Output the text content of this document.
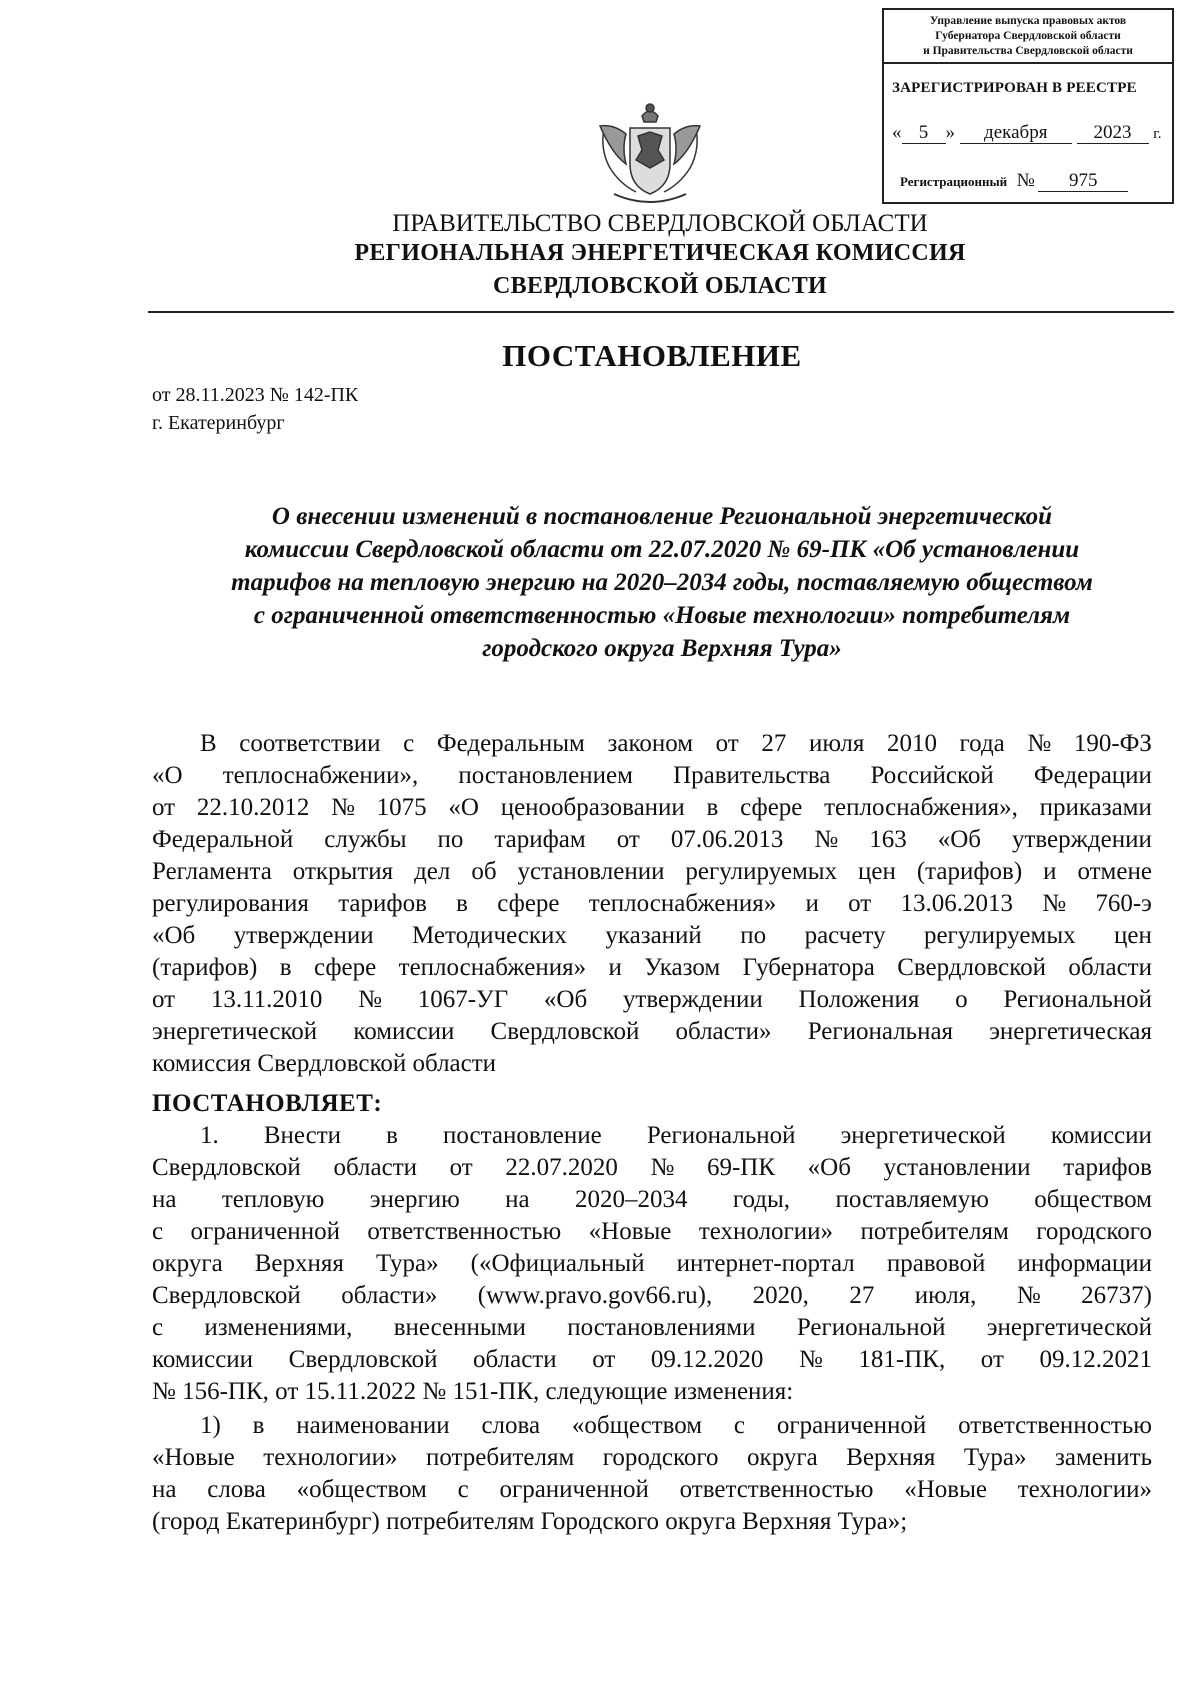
Управление выпуска правовых актов
Губернатора Свердловской области
и Правительства Свердловской области
ЗАРЕГИСТРИРОВАН В РЕЕСТРЕ
« 5 » декабря 2023 г.
Регистрационный № 975
ПРАВИТЕЛЬСТВО СВЕРДЛОВСКОЙ ОБЛАСТИ
РЕГИОНАЛЬНАЯ ЭНЕРГЕТИЧЕСКАЯ КОМИССИЯ
СВЕРДЛОВСКОЙ ОБЛАСТИ
ПОСТАНОВЛЕНИЕ
от 28.11.2023 № 142-ПК
г. Екатеринбург
О внесении изменений в постановление Региональной энергетической
комиссии Свердловской области от 22.07.2020 № 69-ПК «Об установлении
тарифов на тепловую энергию на 2020–2034 годы, поставляемую обществом
с ограниченной ответственностью «Новые технологии» потребителям
городского округа Верхняя Тура»
В соответствии с Федеральным законом от 27 июля 2010 года № 190-ФЗ
«О теплоснабжении», постановлением Правительства Российской Федерации
от 22.10.2012 № 1075 «О ценообразовании в сфере теплоснабжения», приказами
Федеральной службы по тарифам от 07.06.2013 № 163 «Об утверждении
Регламента открытия дел об установлении регулируемых цен (тарифов) и отмене
регулирования тарифов в сфере теплоснабжения» и от 13.06.2013 № 760-э
«Об утверждении Методических указаний по расчету регулируемых цен
(тарифов) в сфере теплоснабжения» и Указом Губернатора Свердловской области
от 13.11.2010 № 1067-УГ «Об утверждении Положения о Региональной
энергетической комиссии Свердловской области» Региональная энергетическая
комиссия Свердловской области
ПОСТАНОВЛЯЕТ:
1. Внести в постановление Региональной энергетической комиссии
Свердловской области от 22.07.2020 № 69-ПК «Об установлении тарифов
на тепловую энергию на 2020–2034 годы, поставляемую обществом
с ограниченной ответственностью «Новые технологии» потребителям городского
округа Верхняя Тура» («Официальный интернет-портал правовой информации
Свердловской области» (www.pravo.gov66.ru), 2020, 27 июля, № 26737)
с изменениями, внесенными постановлениями Региональной энергетической
комиссии Свердловской области от 09.12.2020 № 181-ПК, от 09.12.2021
№ 156-ПК, от 15.11.2022 № 151-ПК, следующие изменения:
1) в наименовании слова «обществом с ограниченной ответственностью
«Новые технологии» потребителям городского округа Верхняя Тура» заменить
на слова «обществом с ограниченной ответственностью «Новые технологии»
(город Екатеринбург) потребителям Городского округа Верхняя Тура»;
